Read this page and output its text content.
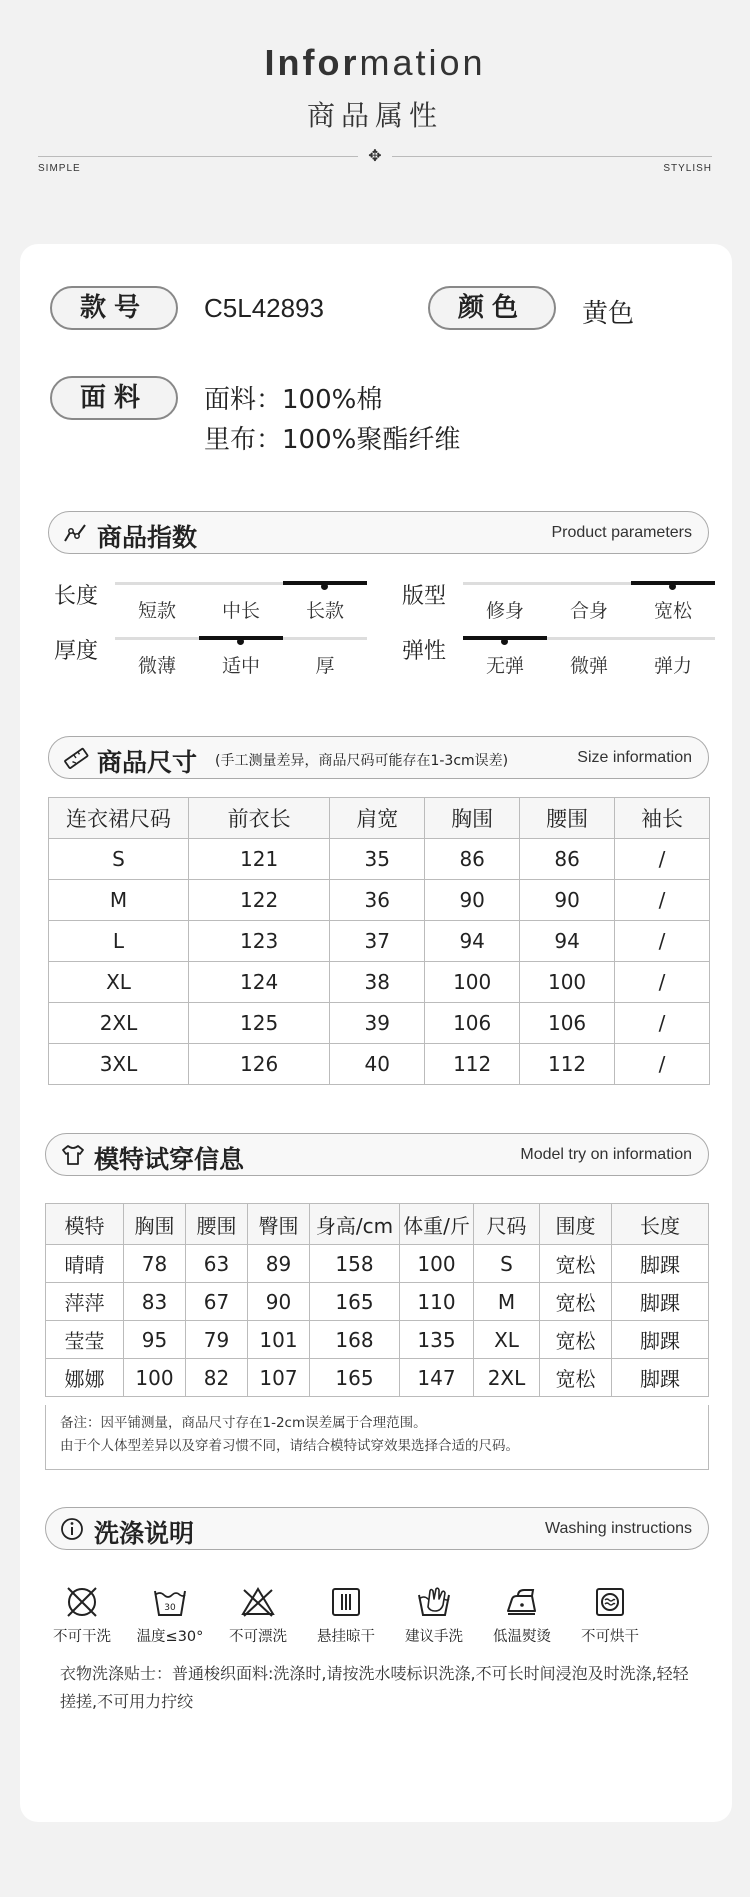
Information
商品属性
✥
SIMPLE	STYLISH
款号	C5L42893	颜色	黄色
面料	面料：100%棉
里布：100%聚酯纤维
商品指数	Product parameters
长度
短款	中长	长款
版型
修身	合身	宽松
厚度
微薄	适中	厚
弹性
无弹	微弹	弹力
商品尺寸 (手工测量差异，商品尺码可能存在1-3cm误差)	Size information
连衣裙尺码	前衣长	肩宽	胸围	腰围	袖长
S	121	35	86	86	/
M	122	36	90	90	/
L	123	37	94	94	/
XL	124	38	100	100	/
2XL	125	39	106	106	/
3XL	126	40	112	112	/
模特试穿信息	Model try on information
模特	胸围	腰围	臀围	身高/cm	体重/斤	尺码	围度	长度
晴晴	78	63	89	158	100	S	宽松	脚踝
萍萍	83	67	90	165	110	M	宽松	脚踝
莹莹	95	79	101	168	135	XL	宽松	脚踝
娜娜	100	82	107	165	147	2XL	宽松	脚踝
备注：因平铺测量，商品尺寸存在1-2cm误差属于合理范围。
由于个人体型差异以及穿着习惯不同，请结合模特试穿效果选择合适的尺码。
洗涤说明	Washing instructions
不可干洗
30
温度≤30°	不可漂洗	悬挂晾干	建议手洗	低温熨烫	不可烘干
衣物洗涤贴士：普通梭织面料:洗涤时,请按洗水唛标识洗涤,不可长时间浸泡及时洗涤,轻轻搓搓,不可用力拧绞
